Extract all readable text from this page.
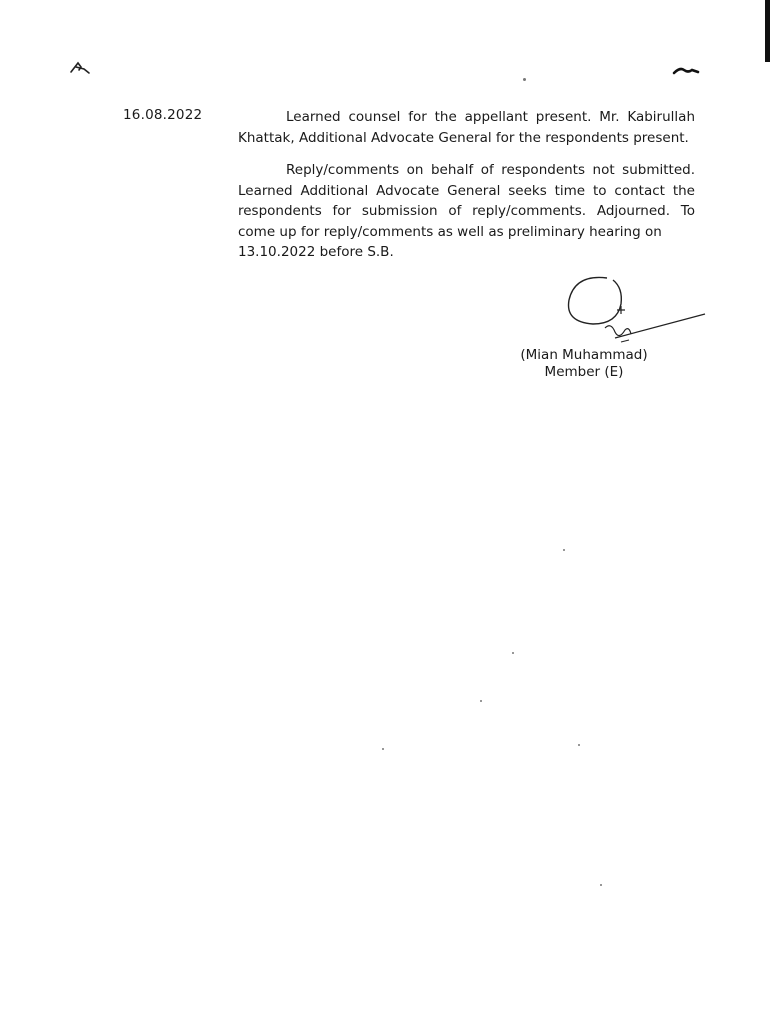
16.08.2022	Learned counsel for the appellant present. Mr. Kabirullah Khattak, Additional Advocate General for the respondents present.

Reply/comments on behalf of respondents not submitted. Learned Additional Advocate General seeks time to contact the respondents for submission of reply/comments. Adjourned. To come up for reply/comments as well as preliminary hearing on
13.10.2022 before S.B.

(Mian Muhammad)
Member (E)
